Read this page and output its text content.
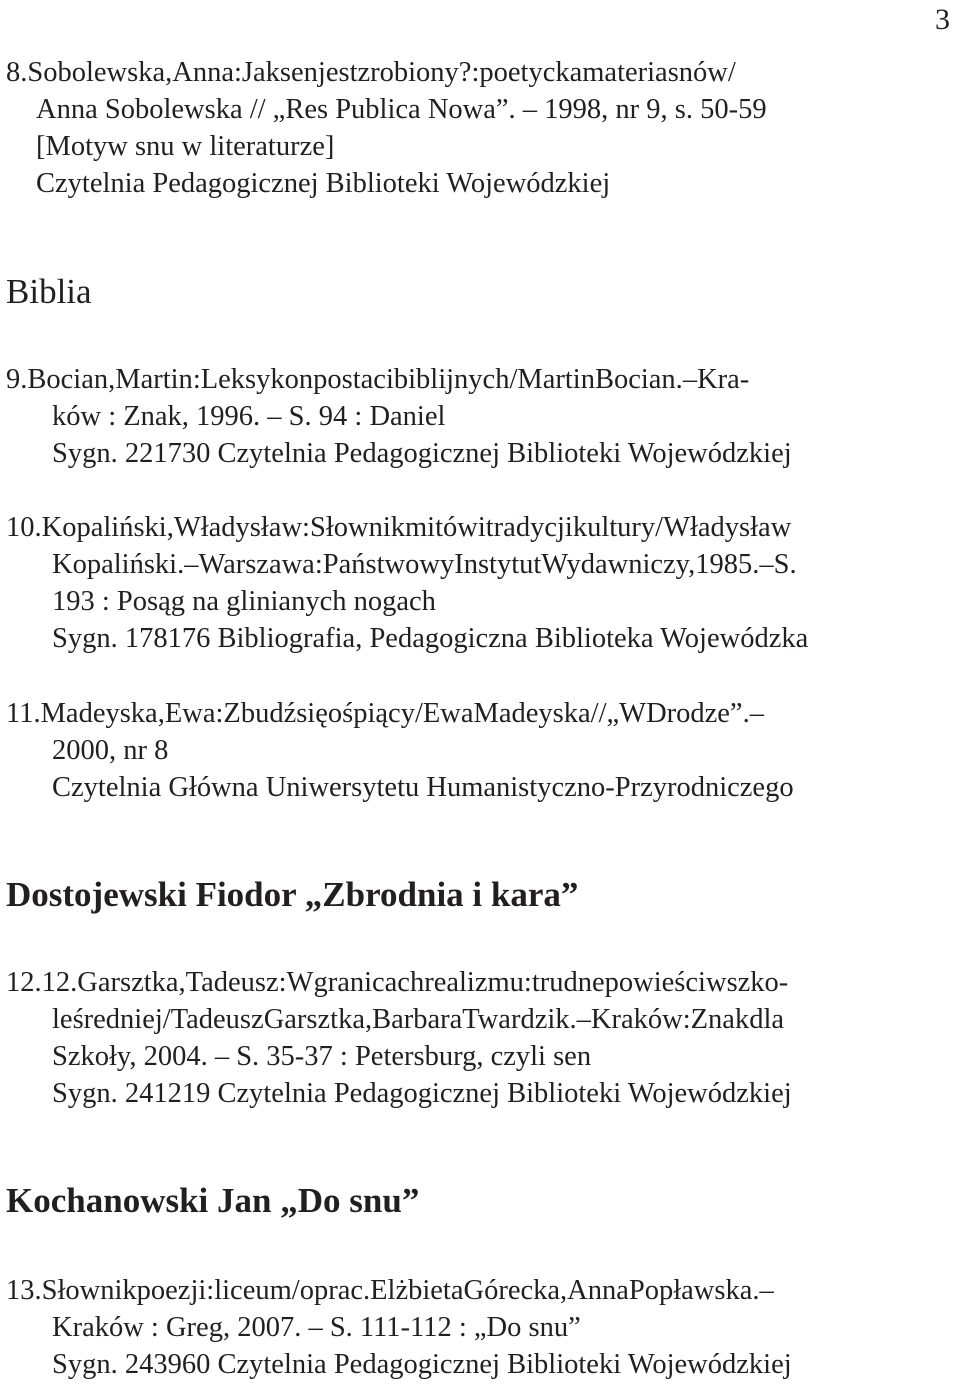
3
8.Sobolewska,Anna:Jaksenjestzrobiony?:poetyckamateriasnów/
Anna Sobolewska // „Res Publica Nowa”. – 1998, nr 9, s. 50-59
[Motyw snu w literaturze]
Czytelnia Pedagogicznej Biblioteki Wojewódzkiej
Biblia
9.Bocian,Martin:Leksykonpostacibiblijnych/MartinBocian.–Kra-
ków : Znak, 1996. – S. 94 : Daniel
Sygn. 221730 Czytelnia Pedagogicznej Biblioteki Wojewódzkiej
10.Kopaliński,Władysław:Słownikmitówitradycjikultury/Władysław
Kopaliński.–Warszawa:PaństwowyInstytutWydawniczy,1985.–S.
193 : Posąg na glinianych nogach
Sygn. 178176 Bibliografia, Pedagogiczna Biblioteka Wojewódzka
11.Madeyska,Ewa:Zbudźsięośpiący/EwaMadeyska//„WDrodze”.–
2000, nr 8
Czytelnia Główna Uniwersytetu Humanistyczno-Przyrodniczego
Dostojewski Fiodor „Zbrodnia i kara”
12.12.Garsztka,Tadeusz:Wgranicachrealizmu:trudnepowieściwszko-
leśredniej/TadeuszGarsztka,BarbaraTwardzik.–Kraków:Znakdla
Szkoły, 2004. – S. 35-37 : Petersburg, czyli sen
Sygn. 241219 Czytelnia Pedagogicznej Biblioteki Wojewódzkiej
Kochanowski Jan „Do snu”
13.Słownikpoezji:liceum/oprac.ElżbietaGórecka,AnnaPopławska.–
Kraków : Greg, 2007. – S. 111-112 : „Do snu”
Sygn. 243960 Czytelnia Pedagogicznej Biblioteki Wojewódzkiej
